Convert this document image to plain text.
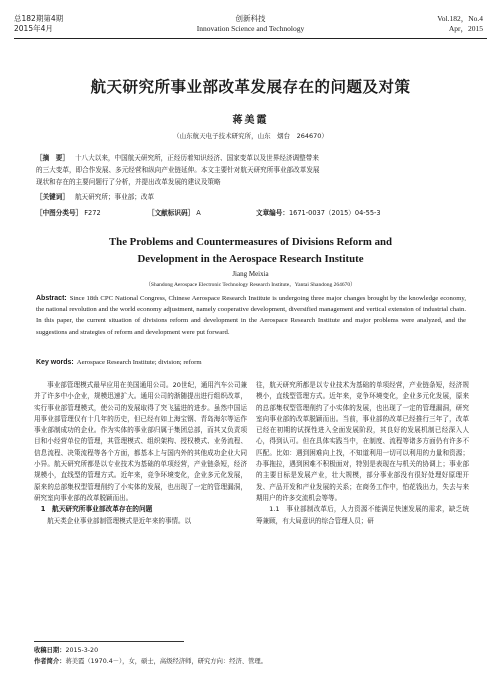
总182期第4期
2015年4月
创新科技
Innovation Science and Technology
Vol.182，No.4
Apr，2015
航天研究所事业部改革发展存在的问题及对策
蒋美霞
（山东航天电子技术研究所，山东　烟台　264670）
［摘　要］ 十八大以来，中国航天研究所，正经历着知识经济、国家变革以及世界经济调整带来
的三大变革，即合作发展、多元经营和纵向产业链延伸。本文主要针对航天研究所事业部改革发展
现状和存在的主要问题行了分析，并提出改革发展的建议及策略
［关键词］ 航天研究所；事业部；改革
［中图分类号］ F272	［文献标识码］ A	文章编号：1671-0037（2015）04-55-3
The Problems and Countermeasures of Divisions Reform and
Development in the Aerospace Research Institute
Jiang Meixia
（Shandong Aerospace Electronic Technology Research Institute，Yantai Shandong 264670）
Abstract: Since 18th CPC National Congress, Chinese Aerospace Research Institute is undergoing three major changes brought by the knowledge economy, the national revolution and the world economy adjustment, namely cooperative development, diversified management and vertical extension of industrial chain. In this paper, the current situation of divisions reform and development in the Aerospace Research Institute and major problems were analyzed, and the suggestions and strategies of reform and development were put forward.
Key words: Aerospace Research Institute; division; reform

事业部管理模式最早应用在美国通用公司。20世纪，通用汽车公司兼并了许多中小企业，规模迅速扩大。通用公司的渐随提出进行组织改革，实行事业部管理模式，使公司的发展取得了突飞猛进的进步。虽然中国运用事业部管理仅有十几年的历史，但已经有如上海宝钢、青岛海尔等运作事业部制成功的企业。作为实体的事业部归属于集团总部，而其又负责项目和小经营单位的管理，其管理模式、组织架构、授权模式、业务流程、信息流程、决策流程等各个方面，都基本上与国内外的其他成功企业大同小异。航天研究所都是以专业技术为基础的单项经营，产业链条短，经济规模小，直线型的管理方式。近年来，竞争环境变化，企业多元化发展，原来的总部集权型管理削约了小实体的发展，也出现了一定的管理漏洞，研究室向事业部的改革脱颖而出。

1　航天研究所事业部改革存在的问题

航天类企业事业部制管理模式是近年来的事情。以

往，航天研究所都是以专业技术为基础的单项经营，产业链条短，经济规模小，直线型管理方式。近年来，竞争环境变化，企业多元化发展，原来的总部集权型管理削约了小实体的发展，也出现了一定的管理漏洞，研究室向事业部的改革脱颖而出。当前，事业部的改革已经推行三年了，改革已经在初期的试探性进入全面发展阶段，其良好的发展机制已经深入人心，得到认可。但在具体实践当中，在制度、流程等诸多方面仍有许多不匹配。比如：遇到困难向上找，不知道利用一切可以利用的力量和资源；办事拖拉，遇到困难不积极面对，特别是表现在与机关的协调上；事业部的主要目标是发展产业，壮大规模，部分事业部没有很好处理好原理开发、产品开发和产业发展的关系；在商务工作中，怕花钱出力，失去与来期用户的许多交流机会等等。

1.1　事业部制改革后，人力资源不能满足快速发展的需求，缺乏统筹兼顾，有大局意识的综合管理人员；研

收稿日期：2015-3-20
作者简介：蒋美霞（1970.4－），女，硕士，高级经济师，研究方向：经济、管理。
